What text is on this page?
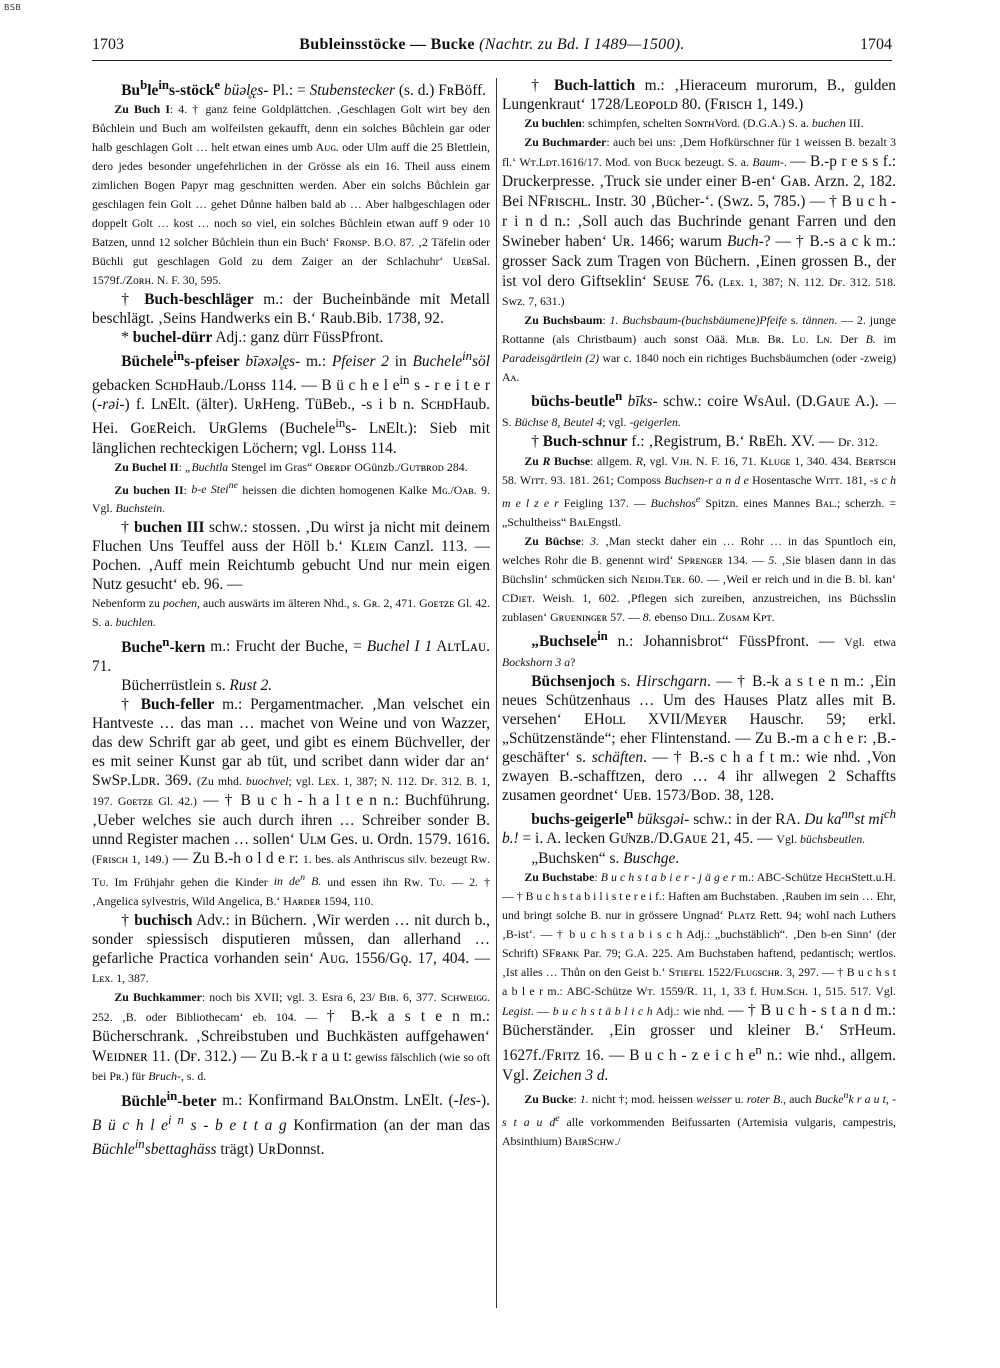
BSB
1703	Bubleinsstöcke — Bucke (Nachtr. zu Bd. I 1489—1500).	1704

$Bu^ble^{in}s-stöck^e$ büəl̥ęs- Pl.: = Stubenstecker (s. d.) FʀBöff.

Zu Buch I: 4. † ganz feine Goldplättchen. ‚Geschlagen Golt wirt bey den Bůchlein und Buch am wolfeilsten gekaufft, denn ein solches Bůchlein gar oder halb geschlagen Golt … helt etwan eines umb Aᴜɢ. oder Ulm auff die 25 Blettlein, dero jedes besonder ungefehrlichen in der Grösse als ein 16. Theil auss einem zimlichen Bogen Papyr mag geschnitten werden. Aber ein solchs Bůchlein gar geschlagen fein Golt … gehet Důnne halben bald ab … Aber halbgeschlagen oder doppelt Golt … kost … noch so viel, ein solches Bůchlein etwan auff 9 oder 10 Batzen, unnd 12 solcher Bůchlein thun ein Buch‘ Fʀᴏɴsᴘ. B.O. 87. ‚2 Täfelin oder Büchli gut geschlagen Gold zu dem Zaiger an der Schlachuhr‘ UᴇʙSal. 1579f./Zᴏʀʜ. N. F. 30, 595.

† Buch-beschläger m.: der Bucheinbände mit Metall beschlägt. ‚Seins Handwerks ein B.‘ Raub.Bib. 1738, 92.

* buchel-dürr Adj.: ganz dürr FüssPfront.

Büchele$^{in}$s-pfeiser bīəxəl̥ęs- m.: Pfeiser 2 in Buchele$^{in}$söl gebacken SᴄʜᴅHaub./Lᴏʜss 114. — B ü c h e l $e^{in}$ s - r e i t e r (-rəi-) f. LɴElt. (älter). UʀHeng. TüBeb., -s i b n. SᴄʜᴅHaub. Hei. GᴏᴇReich. UʀGlems (Buchele$^{in}$s- LɴElt.): Sieb mit länglichen rechteckigen Löchern; vgl. Lᴏʜss 114.

Zu Buchel II: „Buchtla Stengel im Gras“ Oʙᴇʀᴅғ OGünzb./Gᴜᴛʙʀᴏᴅ 284.

Zu buchen II: b-e Stei$^{ne}$ heissen die dichten homogenen Kalke Mɢ./Oᴀʙ. 9. Vgl. Buchstein.

† buchen III schw.: stossen. ‚Du wirst ja nicht mit deinem Fluchen Uns Teuffel auss der Höll b.‘ Kʟᴇɪɴ Canzl. 113. — Pochen. ‚Auff mein Reichtumb gebucht Und nur mein eigen Nutz gesucht‘ eb. 96. —

Nebenform zu pochen, auch auswärts im älteren Nhd., s. Gʀ. 2, 471. Gᴏᴇᴛᴢᴇ Gl. 42. S. a. buchlen.

Buche$^n$-kern m.: Frucht der Buche, = Buchel I 1 AʟᴛLᴀᴜ. 71.

Bücherrüstlein s. Rust 2.

† Buch-feller m.: Pergamentmacher. ‚Man velschet ein Hantveste … das man … machet von Weine und von Wazzer, das dew Schrift gar ab geet, und gibt es einem Büchveller, der es mit seiner Kunst gar ab tüt, und scribet dann wider dar an‘ SᴡSᴘ.Lᴅʀ. 369. (Zu mhd. buochvel; vgl. Lᴇx. 1, 387; N. 112. Dғ. 312. B. 1, 197. Gᴏᴇᴛᴢᴇ Gl. 42.) — † B u c h - h a l t e n n.: Buchführung. ‚Ueber welches sie auch durch ihren … Schreiber sonder B. unnd Register machen … sollen‘ Uʟᴍ Ges. u. Ordn. 1579. 1616. (Fʀɪsᴄʜ 1, 149.) — Zu B.-h o l d e r: 1. bes. als Anthriscus silv. bezeugt Rᴡ. Tᴜ. Im Frühjahr gehen die Kinder in $de^n$ B. und essen ihn Rᴡ. Tᴜ. — 2. † ‚Angelica sylvestris, Wild Angelica, B.‘ Hᴀʀᴅᴇʀ 1594, 110.

† buchisch Adv.: in Büchern. ‚Wir werden … nit durch b., sonder spiessisch disputieren můssen, dan allerhand … gefarliche Practica vorhanden sein‘ Aᴜɢ. 1556/Gǫ. 17, 404. — Lᴇx. 1, 387.

Zu Buchkammer: noch bis XVII; vgl. 3. Esra 6, 23/ Bɪʙ. 6, 377. Sᴄʜᴡᴇɪɢɢ. 252. ‚B. oder Bibliothecam‘ eb. 104. — † B.-k a s t e n m.: Bücherschrank. ‚Schreibstuben und Buchkästen auffgehawen‘ Wᴇɪᴅɴᴇʀ 11. (Dғ. 312.) — Zu B.-k r a u t: gewiss fälschlich (wie so oft bei Pʀ.) für Bruch-, s. d.

Büchle$^{in}$-beter m.: Konfirmand BᴀʟOnstm. LɴElt. (-les-). B ü c h l $e^{i n}$ s - b e t t a g Konfirmation (an der man das Büchle$^{in}$sbettaghäss trägt) UʀDonnst.

† Buch-lattich m.: ‚Hieraceum murorum, B., gulden Lungenkraut‘ 1728/Lᴇᴏᴘᴏʟᴅ 80. (Fʀɪsᴄʜ 1, 149.)

Zu buchlen: schimpfen, schelten SᴏɴᴛʜVord. (D.G.A.) S. a. buchen III.

Zu Buchmarder: auch bei uns: ‚Dem Hofkürschner für 1 weissen B. bezalt 3 fl.‘ Wᴛ.Lᴅᴛ.1616/17. Mod. von Bᴜᴄᴋ bezeugt. S. a. Baum-. — B.-p r e s s f.: Druckerpresse. ‚Truck sie under einer B-en‘ Gᴀʙ. Arzn. 2, 182. Bei NFʀɪsᴄʜʟ. Instr. 30 ‚Bücher-‘. (Swz. 5, 785.) — † B u c h - r i n d n.: ‚Soll auch das Buchrinde genant Farren und den Swineber haben‘ Uʀ. 1466; warum Buch-? — † B.-s a c k m.: grosser Sack zum Tragen von Büchern. ‚Einen grossen B., der ist vol dero Giftseklin‘ Sᴇᴜsᴇ 76. (Lᴇx. 1, 387; N. 112. Dғ. 312. 518. Swz. 7, 631.)

Zu Buchsbaum: 1. Buchsbaum-(buchsbäumene)Pfeife s. tännen. — 2. junge Rottanne (als Christbaum) auch sonst Oää. Mʟʙ. Bʀ. Lᴜ. Lɴ. Der B. im Paradeisgärtlein (2) war c. 1840 noch ein richtiges Buchsbäumchen (oder -zweig) Aᴀ.

büchs-beutle$^n$ bīks- schw.: coire WsAul. (D.Gᴀᴜᴇ A.). — S. Büchse 8, Beutel 4; vgl. -geigerlen.

† Buch-schnur f.: ‚Registrum, B.‘ RʙEh. XV. — Dғ. 312.

Zu R Buchse: allgem. R, vgl. Vᴊʜ. N. F. 16, 71. Kʟᴜɢᴇ 1, 340. 434. Bᴇʀᴛsᴄʜ 58. Wɪᴛᴛ. 93. 181. 261; Composs Buchsen-r a n d e Hosentasche Wɪᴛᴛ. 181, -s c h m e l z e r Feigling 137. — Buchshos$^e$ Spitzn. eines Mannes Bᴀʟ.; scherzh. = „Schultheiss“ BᴀʟEngstl.

Zu Büchse: 3. ‚Man steckt daher ein … Rohr … in das Spuntloch ein, welches Rohr die B. genennt wird‘ Sᴘʀᴇɴɢᴇʀ 134. — 5. ‚Sie blasen dann in das Büchslin‘ schmücken sich Nᴇɪᴅʜ.Tᴇʀ. 60. — ‚Weil er reich und in die B. bl. kan‘ CDɪᴇᴛ. Weish. 1, 602. ‚Pflegen sich zureiben, anzustreichen, ins Büchsslin zublasen‘ Gʀᴜᴇɴɪɴɢᴇʀ 57. — 8. ebenso Dɪʟʟ. Zᴜsᴀᴍ Kᴘᴛ.

„Buchsele$^{in}$ n.: Johannisbrot“ FüssPfront. — Vgl. etwa Bockshorn 3 a?

Büchsenjoch s. Hirschgarn. — † B.-k a s t e n m.: ‚Ein neues Schützenhaus … Um des Hauses Platz alles mit B. versehen‘ EHᴏʟʟ XVII/Mᴇʏᴇʀ Hauschr. 59; erkl. „Schützenstände“; eher Flintenstand. — Zu B.-m a c h e r: ‚B.-geschäfter‘ s. schäften. — † B.-s c h a f t m.: wie nhd. ‚Von zwayen B.-schafftzen, dero … 4 ihr allwegen 2 Schaffts zusamen geordnet‘ Uᴇʙ. 1573/Bᴏᴅ. 38, 128.

buchs-geigerle$^n$ büksgəi- schw.: in der RA. Du $ka^{nn}st$ $mi^{ch}$ b.! = i. A. lecken Gᴜ̈ɴᴢʙ./D.Gᴀᴜᴇ 21, 45. — Vgl. büchsbeutlen.

„Buchsken“ s. Buschge.

Zu Buchstabe: B u c h s t a b i e r - j ä g e r m.: ABC-Schütze HᴇᴄʜStett.u.H. — † B u c h s t a b i l i s t e r e i f.: Haften am Buchstaben. ‚Rauben im sein … Ehr, und bringt solche B. nur in grössere Ungnad‘ Pʟᴀᴛᴢ Rett. 94; wohl nach Luthers ‚B-ist‘. — † b u c h s t a b i s c h Adj.: „buchstäblich“. ‚Den b-en Sinn‘ (der Schrift) SFʀᴀɴᴋ Par. 79; G.A. 225. Am Buchstaben haftend, pedantisch; wertlos. ‚Ist alles … Thůn on den Geist b.‘ Sᴛɪᴇғᴇʟ 1522/Fʟᴜɢsᴄʜʀ. 3, 297. — † B u c h s t a b l e r m.: ABC-Schütze Wᴛ. 1559/R. 11, 1, 33 f. Hᴜᴍ.Sᴄʜ. 1, 515. 517. Vgl. Legist. — b u c h s t ä b l i c h Adj.: wie nhd. — † B u c h - s t a n d m.: Bücherständer. ‚Ein grosser und kleiner B.‘ SᴛHeum. 1627f./Fʀɪᴛᴢ 16. — B u c h - z e i c h $e^n$ n.: wie nhd., allgem. Vgl. Zeichen 3 d.

Zu Bucke: 1. nicht †; mod. heissen weisser u. roter B., auch Bucke$^n$k r a u t, -s t a u $d^e$ alle vorkommenden Beifussarten (Artemisia vulgaris, campestris, Absinthium) BᴀɪʀSᴄʜᴡ./
